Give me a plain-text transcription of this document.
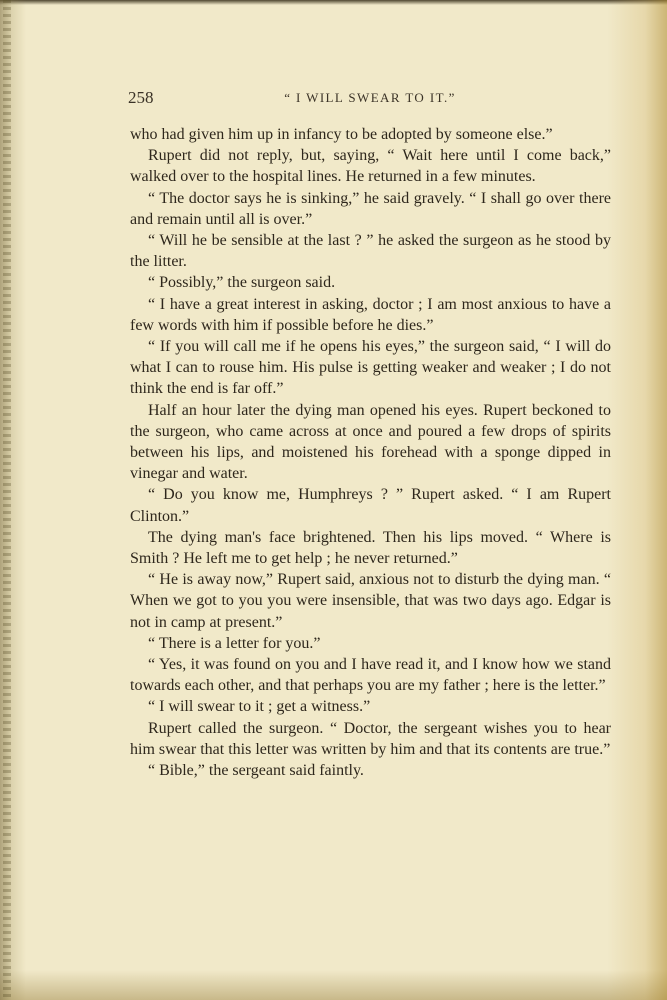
258	“ I WILL SWEAR TO IT.”

who had given him up in infancy to be adopted by someone else.”

Rupert did not reply, but, saying, “ Wait here until I come back,” walked over to the hospital lines. He returned in a few minutes.

“ The doctor says he is sinking,” he said gravely. “ I shall go over there and remain until all is over.”

“ Will he be sensible at the last ? ” he asked the surgeon as he stood by the litter.

“ Possibly,” the surgeon said.

“ I have a great interest in asking, doctor ; I am most anxious to have a few words with him if possible before he dies.”

“ If you will call me if he opens his eyes,” the surgeon said, “ I will do what I can to rouse him. His pulse is getting weaker and weaker ; I do not think the end is far off.”

Half an hour later the dying man opened his eyes. Rupert beckoned to the surgeon, who came across at once and poured a few drops of spirits between his lips, and moistened his forehead with a sponge dipped in vinegar and water.

“ Do you know me, Humphreys ? ” Rupert asked. “ I am Rupert Clinton.”

The dying man's face brightened. Then his lips moved. “ Where is Smith ? He left me to get help ; he never returned.”

“ He is away now,” Rupert said, anxious not to disturb the dying man. “ When we got to you you were insensible, that was two days ago. Edgar is not in camp at present.”

“ There is a letter for you.”

“ Yes, it was found on you and I have read it, and I know how we stand towards each other, and that perhaps you are my father ; here is the letter.”

“ I will swear to it ; get a witness.”

Rupert called the surgeon. “ Doctor, the sergeant wishes you to hear him swear that this letter was written by him and that its contents are true.”

“ Bible,” the sergeant said faintly.
